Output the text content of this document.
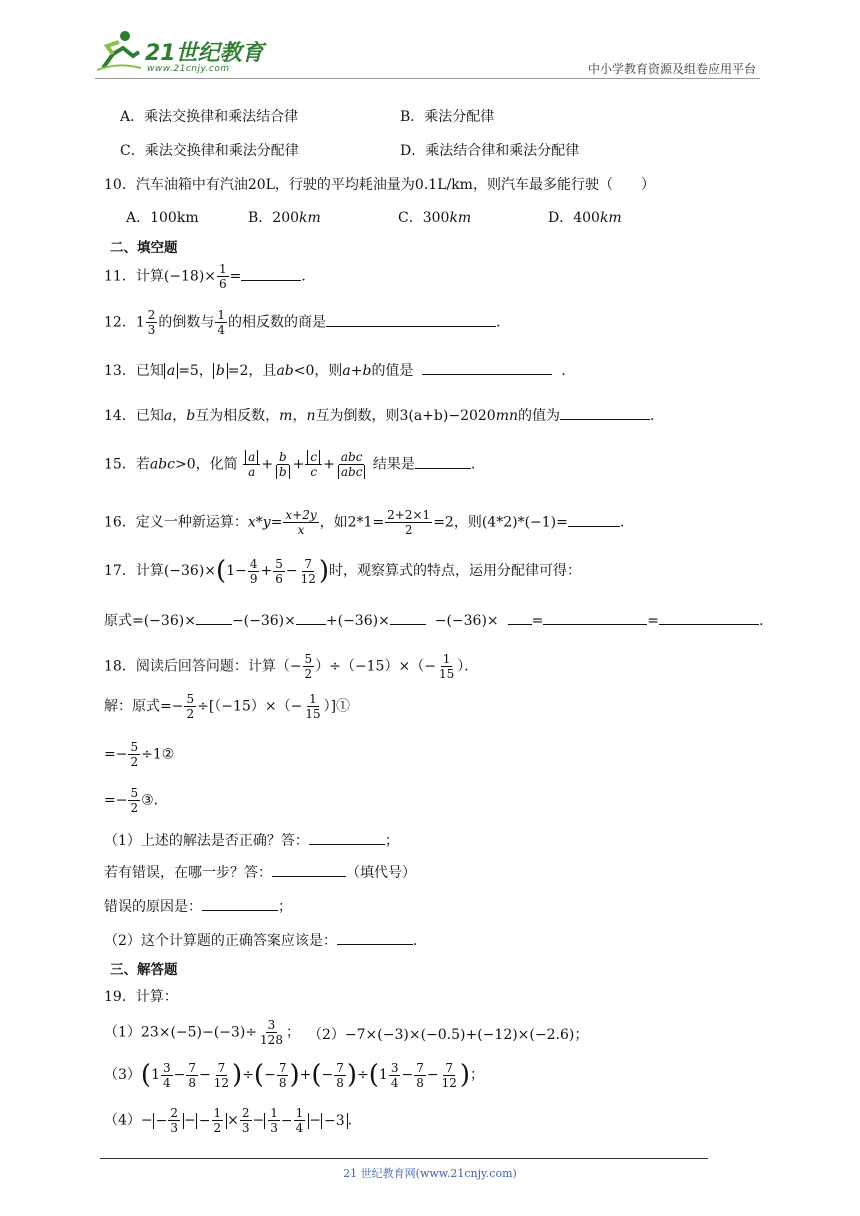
21世纪教育
www.21cnjy.com	中小学教育资源及组卷应用平台
A．乘法交换律和乘法结合律	B．乘法分配律
C．乘法交换律和乘法分配律	D．乘法结合律和乘法分配律
10．汽车油箱中有汽油20L，行驶的平均耗油量为0.1L/km，则汽车最多能行驶（　　）
A．100km	B．200km	C．300km	D．400km
二、填空题
11．计算$(-18)\times \frac{1}{6}$ =	.
12．$1 \frac{2}{3}$ 的倒数与 $\frac{1}{4}$ 的相反数的商是	.
13．已知 a =5， b =2，且ab<0，则a+b的值是	.
14．已知a，b互为相反数，m，n互为倒数，则3(a+b)−2020mn的值为	.
15．若abc>0，化简 $\frac{a}{a} + \frac{b}{b} + \frac{c}{c} + \frac{\text{abc}}{\text{abc}}$ 结果是	.
16．定义一种新运算：$x*y= \frac{x+2y}{x}$ ，如$2*1= \frac{2+2\times 1}{2} =2$，则(4*2)*(−1)=	.
17．计算$(-36)\times(1- \frac{4}{9} + \frac{5}{6} - \frac{7}{12}$ )时，观察算式的特点，运用分配律可得：
原式=(−36)×	−(−36)× +(−36)×	−(−36)× =	=	.
18．阅读后回答问题：计算（− $\frac{5}{2} )\div(-15)\times(- \frac{1}{15}$ ）．
解：原式=− $\frac{5}{2} \div[(-15)\times(- \frac{1}{15}$ ）]①
=− $\frac{5}{2}$ ÷1②
=− $\frac{5}{2}$ ③.
（1）上述的解法是否正确？答：	；
若有错误，在哪一步？答：	（填代号）
错误的原因是：	；
（2）这个计算题的正确答案应该是：	.
三、解答题
19．计算：
$(1)23\times(-5)-(-3)\div \frac{3}{128}$ ； （2）−7×(−3)×(−0.5)+(−12)×(−2.6)；
$(3)(1 \frac{3}{4} - \frac{7}{8} - \frac{7}{12}$ )÷(− $\frac{7}{8}$ )+(− $\frac{7}{8} )\div(1 \frac{3}{4} - \frac{7}{8} - \frac{7}{12}$ )；
$(4)- - \frac{2}{3}$ − − $\frac{1}{2} \times \frac{2}{3} - \frac{1}{3} - \frac{1}{4} - -3$ .
21 世纪教育网(www.21cnjy.com)
